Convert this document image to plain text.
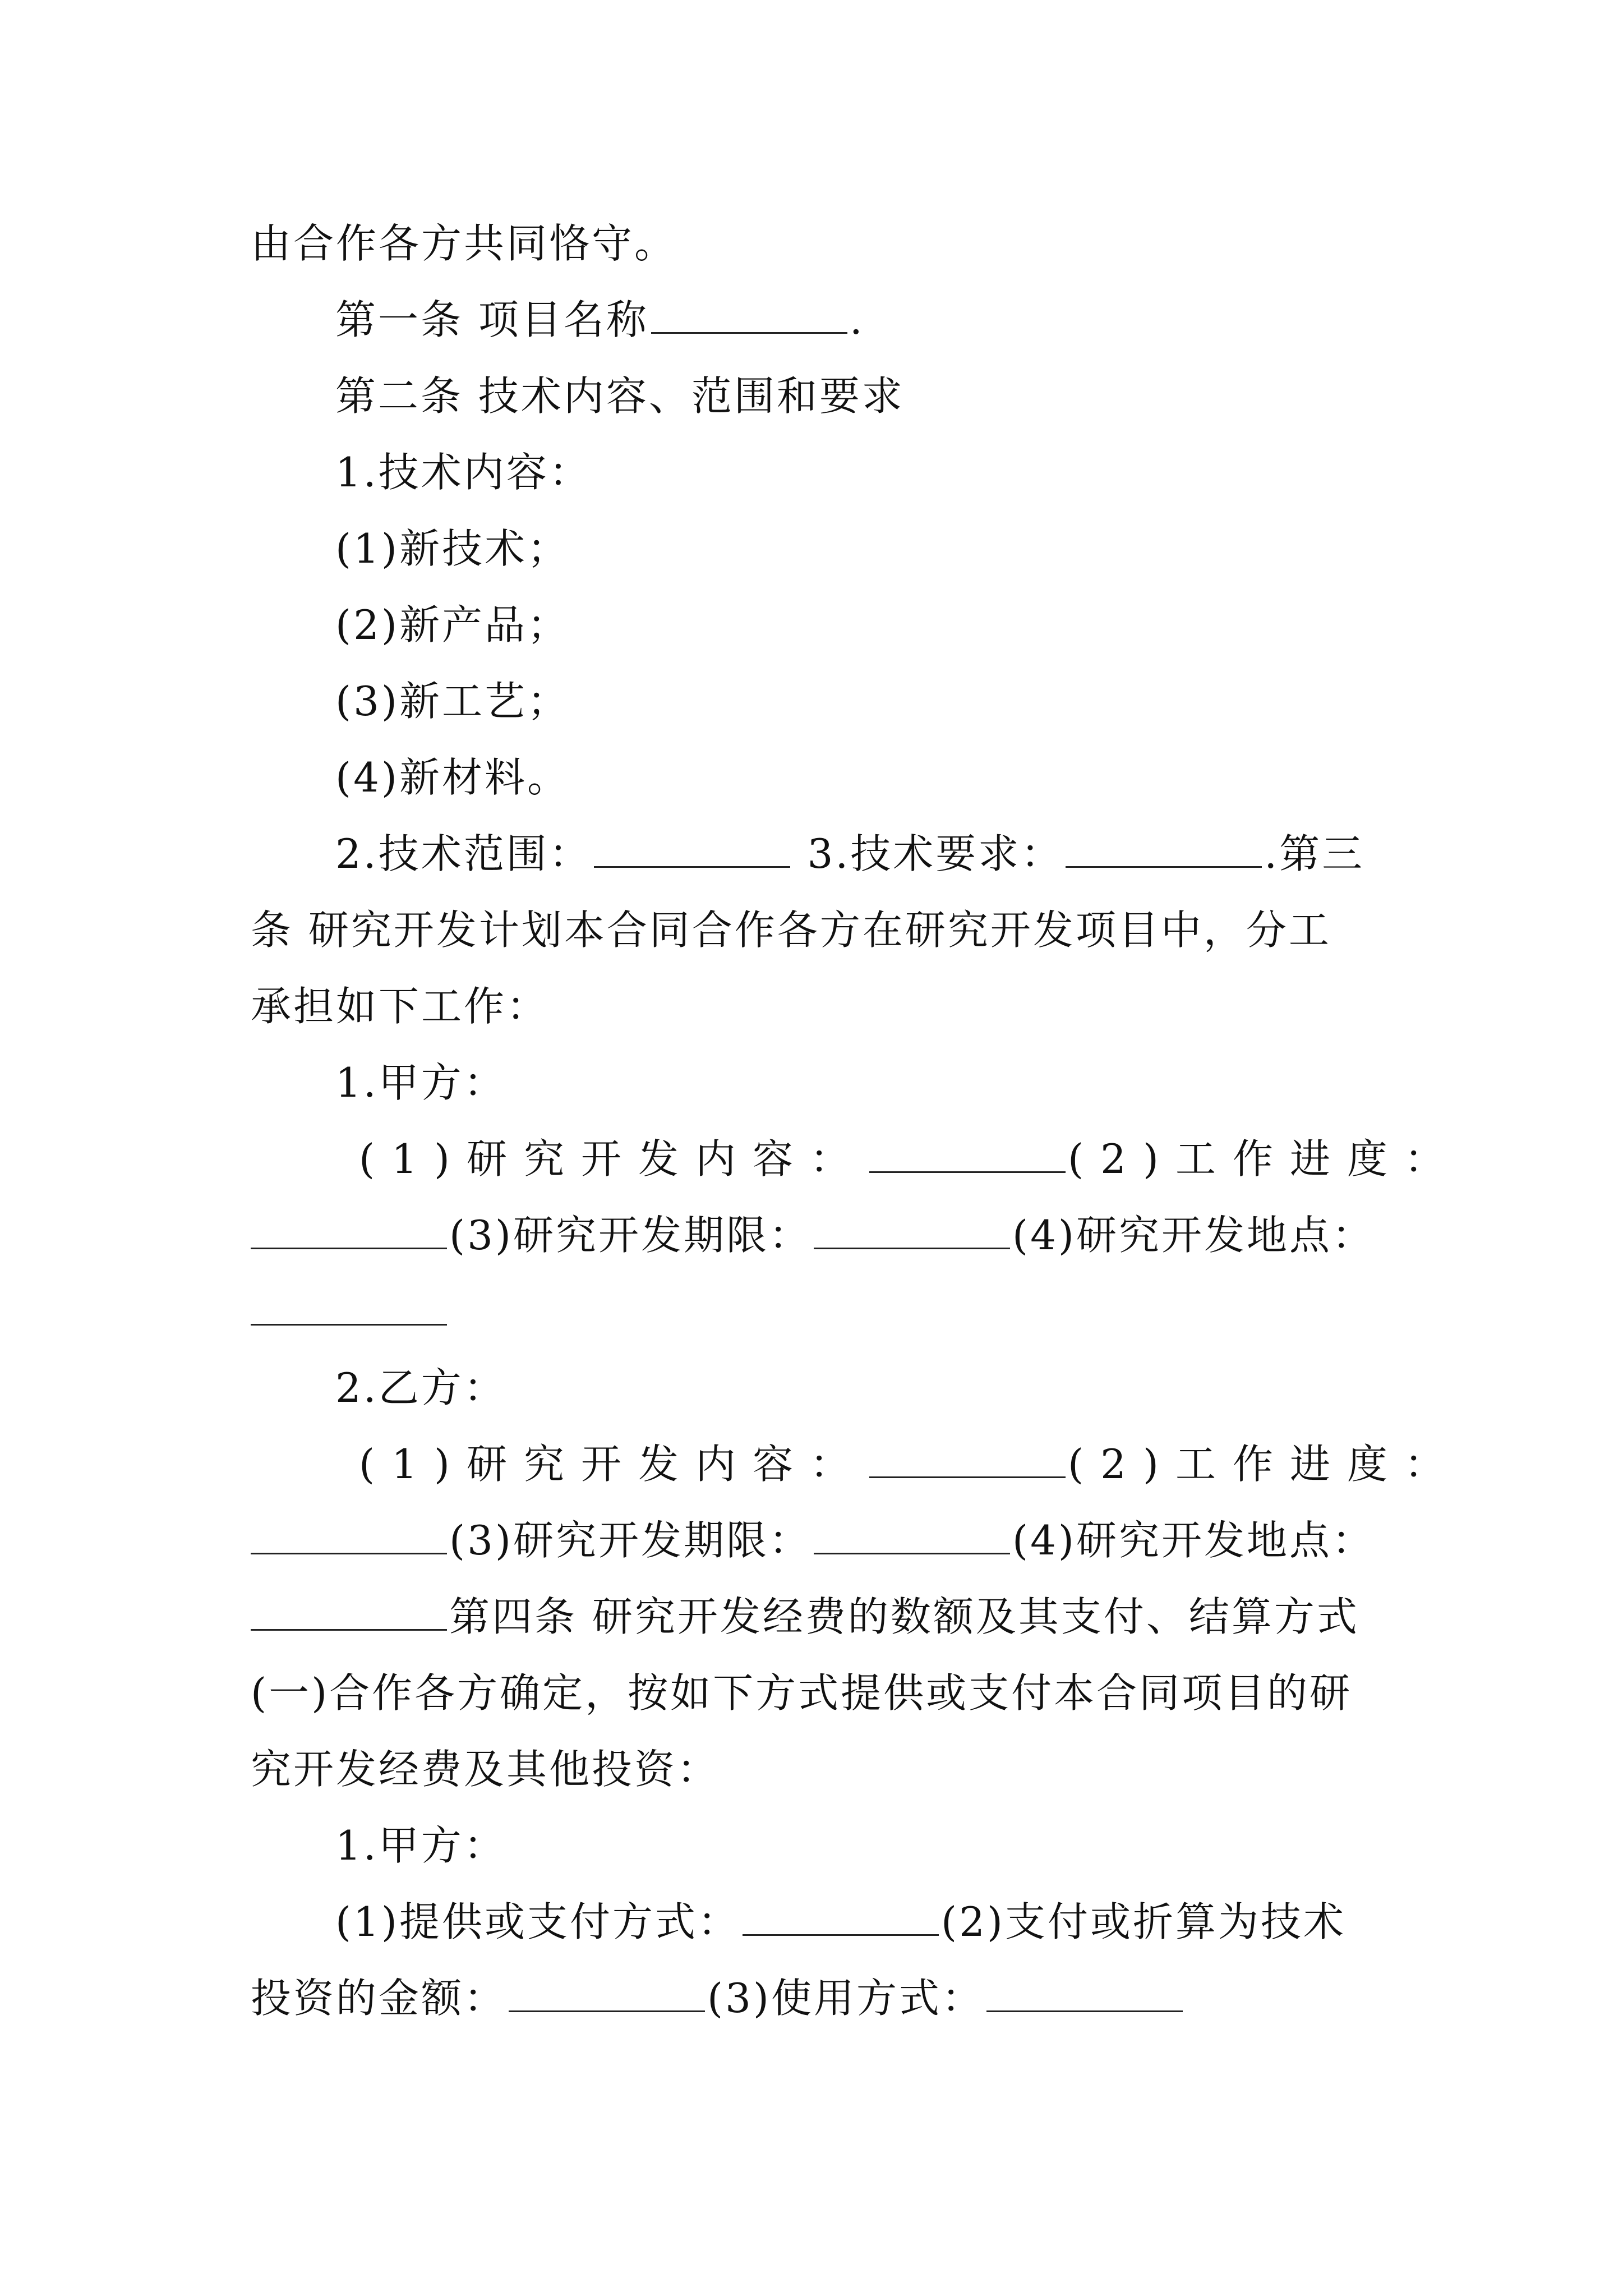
由合作各方共同恪守。
第一条 项目名称	.
第二条 技术内容、范围和要求
1.技术内容：
(1)新技术；
(2)新产品；
(3)新工艺；
(4)新材料。
2.技术范围：	3.技术要求：	.第三
条 研究开发计划本合同合作各方在研究开发项目中，分工
承担如下工作：
1.甲方：
(1)研究开发内容：	(2)工作进度：
(3)研究开发期限：	(4)研究开发地点：
2.乙方：
(1)研究开发内容：	(2)工作进度：
(3)研究开发期限：	(4)研究开发地点：
第四条 研究开发经费的数额及其支付、结算方式
(一)合作各方确定，按如下方式提供或支付本合同项目的研
究开发经费及其他投资：
1.甲方：
(1)提供或支付方式：	(2)支付或折算为技术
投资的金额：	(3)使用方式：
